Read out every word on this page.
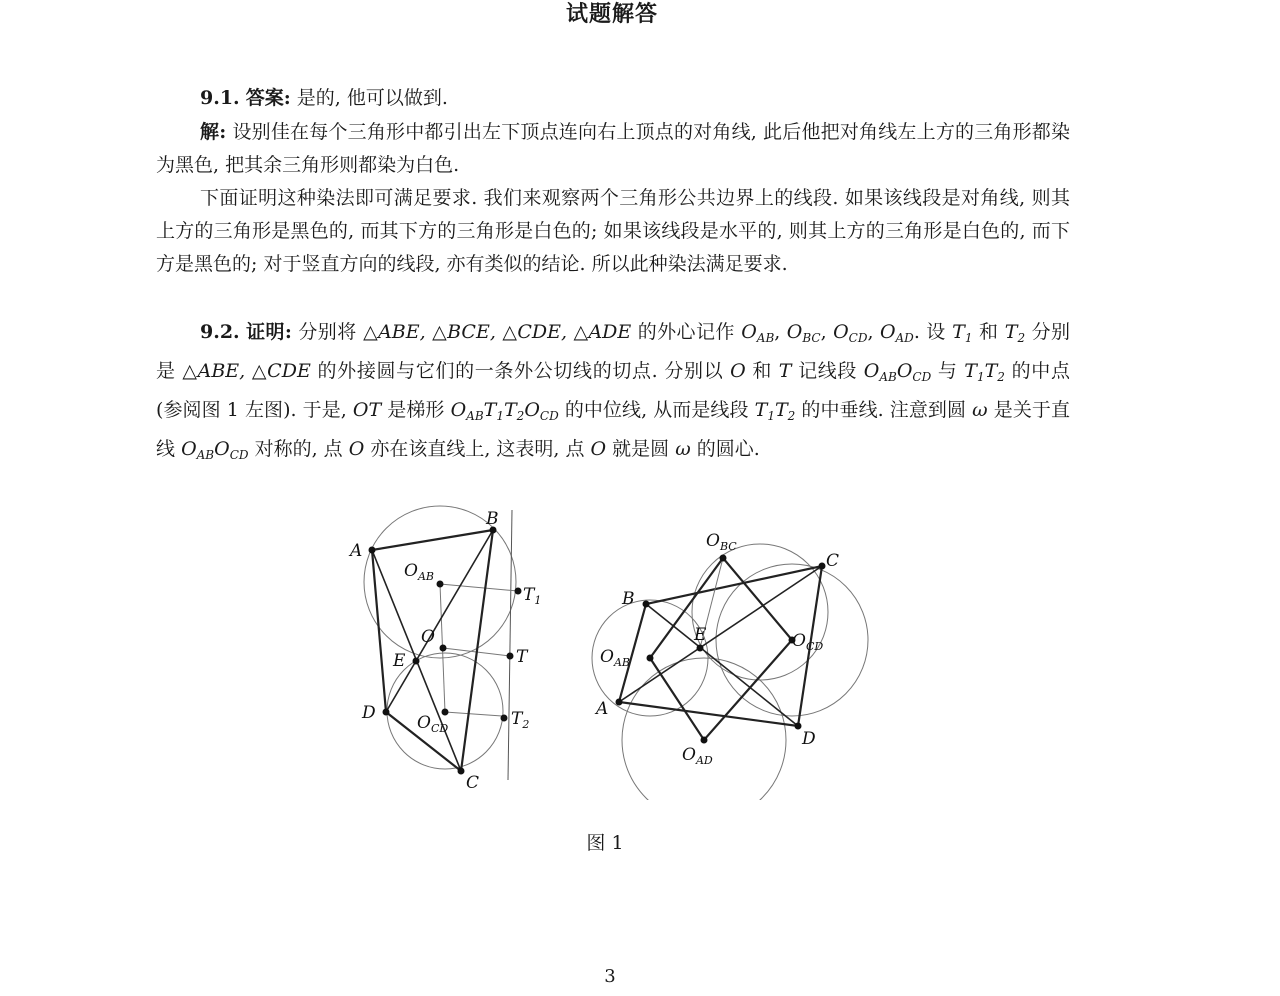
试题解答

9.1. 答案: 是的, 他可以做到.

解: 设别佳在每个三角形中都引出左下顶点连向右上顶点的对角线, 此后他把对角线左上方的三角形都染为黑色, 把其余三角形则都染为白色.

下面证明这种染法即可满足要求. 我们来观察两个三角形公共边界上的线段. 如果该线段是对角线, 则其上方的三角形是黑色的, 而其下方的三角形是白色的; 如果该线段是水平的, 则其上方的三角形是白色的, 而下方是黑色的; 对于竖直方向的线段, 亦有类似的结论. 所以此种染法满足要求.

9.2. 证明: 分别将 △ABE, △BCE, △CDE, △ADE 的外心记作 $O_{AB}$, $O_{BC}$, $O_{CD}$, $O_{AD}$. 设 $T_1$ 和 $T_2$ 分别是 △ABE, △CDE 的外接圆与它们的一条外公切线的切点. 分别以 O 和 T 记线段 $O_{AB}O_{CD}$ 与 $T_1T_2$ 的中点 (参阅图 1 左图). 于是, OT 是梯形 $O_{AB}T_1T_2O_{CD}$ 的中位线, 从而是线段 $T_1T_2$ 的中垂线. 注意到圆 ω 是关于直线 $O_{AB}O_{CD}$ 对称的, 点 O 亦在该直线上, 这表明, 点 O 就是圆 ω 的圆心.

A
B
C
D
E
O
T
$T_1$
$T_2$
$O_{AB}$
$O_{CD}$
A
B
C
D
E
$O_{BC}$
$O_{CD}$
$O_{AB}$
$O_{AD}$
图 1
3
